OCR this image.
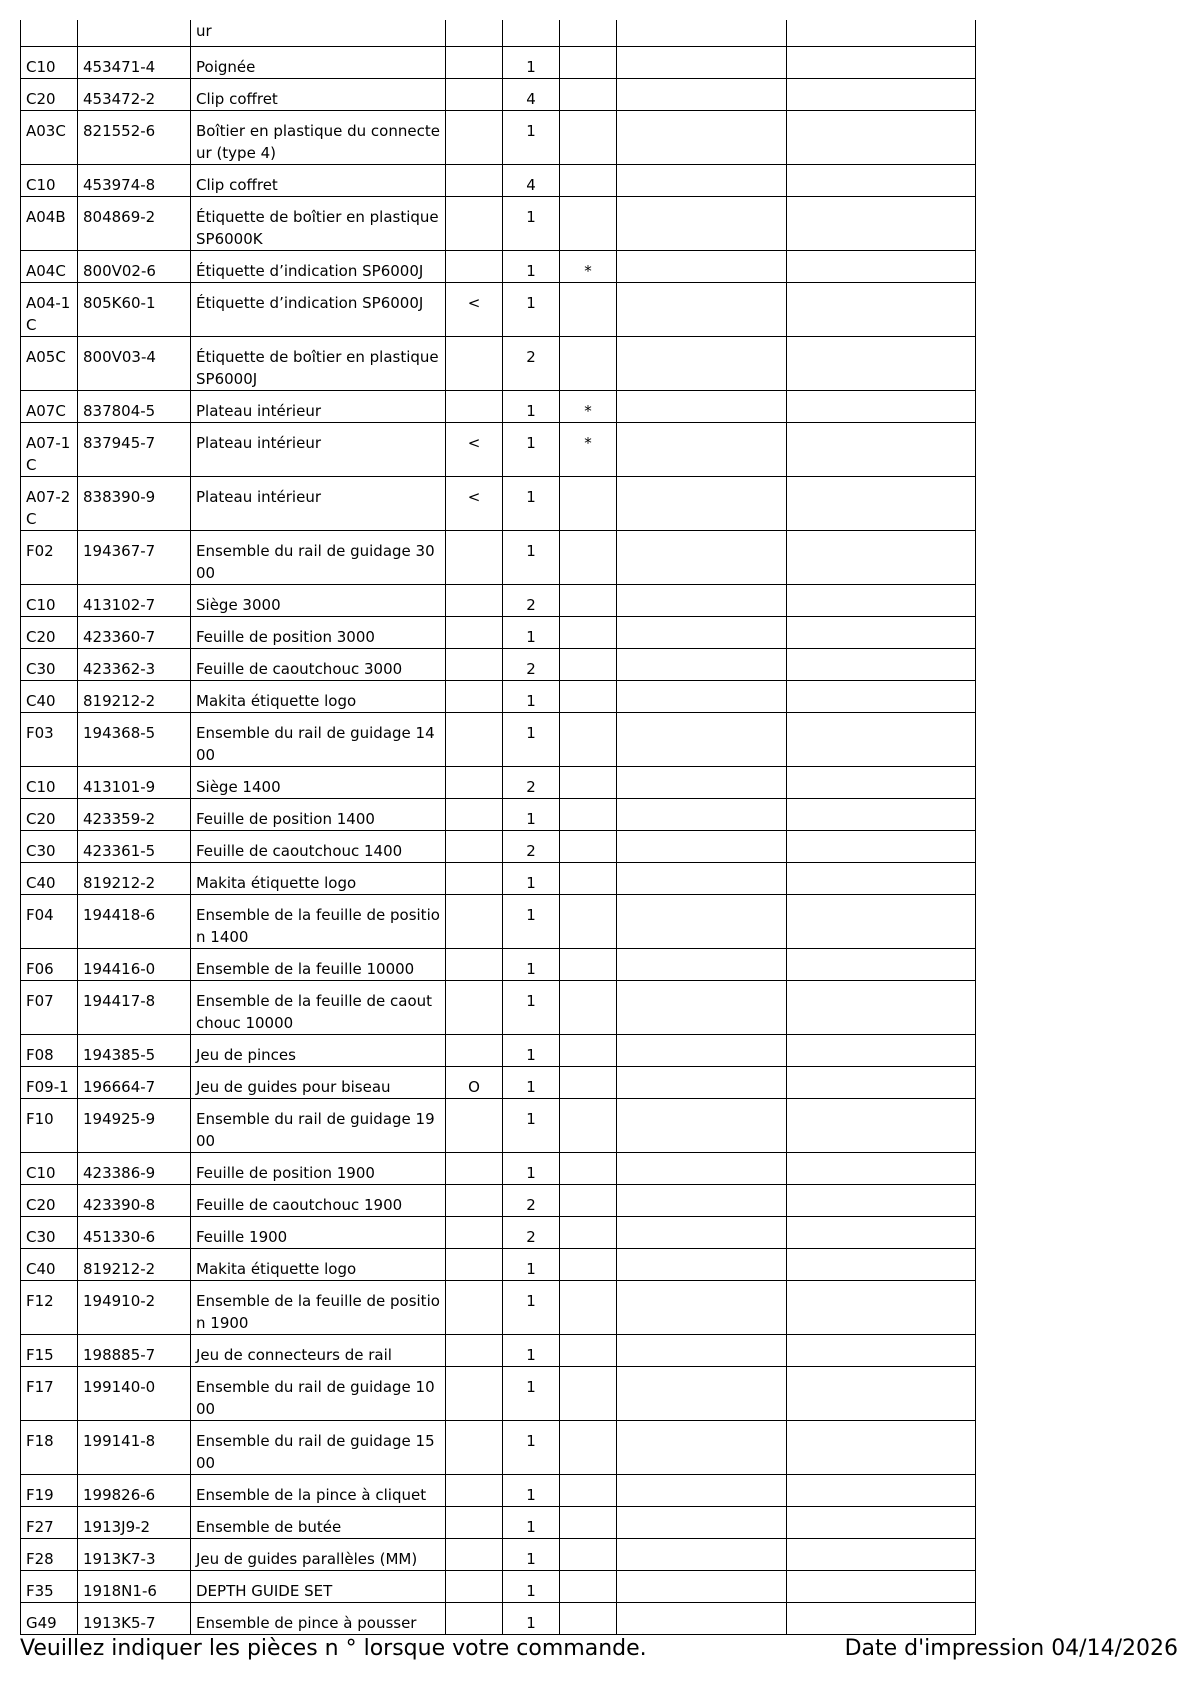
		ur					
C10	453471-4	Poignée		1			
C20	453472-2	Clip coffret		4			
A03C	821552-6	Boîtier en plastique du connecte ur (type 4)		1			
C10	453974-8	Clip coffret		4			
A04B	804869-2	Étiquette de boîtier en plastique SP6000K		1			
A04C	800V02-6	Étiquette d’indication SP6000J		1	*		
A04-1C	805K60-1	Étiquette d’indication SP6000J	<	1			
A05C	800V03-4	Étiquette de boîtier en plastique SP6000J		2			
A07C	837804-5	Plateau intérieur		1	*		
A07-1C	837945-7	Plateau intérieur	<	1	*		
A07-2C	838390-9	Plateau intérieur	<	1			
F02	194367-7	Ensemble du rail de guidage 3000		1			
C10	413102-7	Siège 3000		2			
C20	423360-7	Feuille de position 3000		1			
C30	423362-3	Feuille de caoutchouc 3000		2			
C40	819212-2	Makita étiquette logo		1			
F03	194368-5	Ensemble du rail de guidage 1400		1			
C10	413101-9	Siège 1400		2			
C20	423359-2	Feuille de position 1400		1			
C30	423361-5	Feuille de caoutchouc 1400		2			
C40	819212-2	Makita étiquette logo		1			
F04	194418-6	Ensemble de la feuille de position 1400		1			
F06	194416-0	Ensemble de la feuille 10000		1			
F07	194417-8	Ensemble de la feuille de caoutchouc 10000		1			
F08	194385-5	Jeu de pinces		1			
F09-1	196664-7	Jeu de guides pour biseau	O	1			
F10	194925-9	Ensemble du rail de guidage 1900		1			
C10	423386-9	Feuille de position 1900		1			
C20	423390-8	Feuille de caoutchouc 1900		2			
C30	451330-6	Feuille 1900		2			
C40	819212-2	Makita étiquette logo		1			
F12	194910-2	Ensemble de la feuille de position 1900		1			
F15	198885-7	Jeu de connecteurs de rail		1			
F17	199140-0	Ensemble du rail de guidage 1000		1			
F18	199141-8	Ensemble du rail de guidage 1500		1			
F19	199826-6	Ensemble de la pince à cliquet		1			
F27	1913J9-2	Ensemble de butée		1			
F28	1913K7-3	Jeu de guides parallèles (MM)		1			
F35	1918N1-6	DEPTH GUIDE SET		1			
G49	1913K5-7	Ensemble de pince à pousser		1			
Veuillez indiquer les pièces n ° lorsque votre commande.	Date d'impression 04/14/2026
